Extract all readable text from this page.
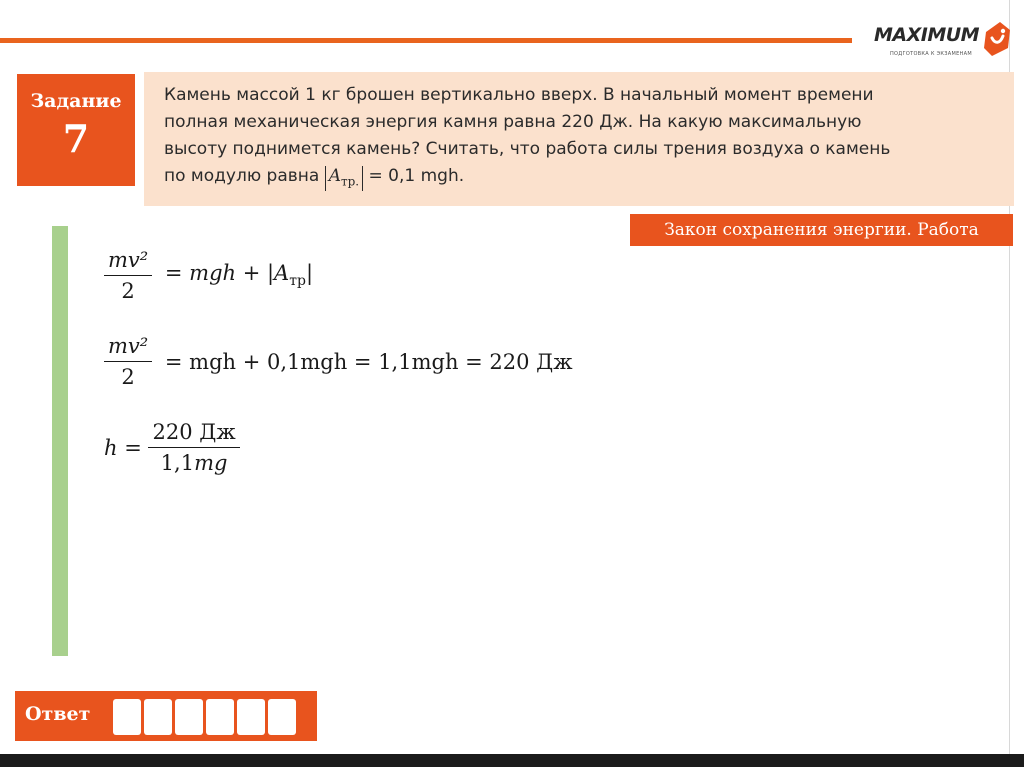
MAXIMUM
ПОДГОТОВКА К ЭКЗАМЕНАМ
Задание
7

Камень массой 1 кг брошен вертикально вверх. В начальный момент времени
полная механическая энергия камня равна 220 Дж. На какую максимальную
высоту поднимется камень? Считать, что работа силы трения воздуха о камень
по модулю равна $A_{тр.} = 0,1$ mgh.

Закон сохранения энергии. Работа
$\frac{\text{mv²}}{2}$ = mgh + $|A_{тр}|$
$\frac{\text{mv²}}{2}$ = mgh + 0,1mgh = 1,1mgh = 220 Дж
$h = \frac{220 Дж}{1,1mg}$
Ответ
